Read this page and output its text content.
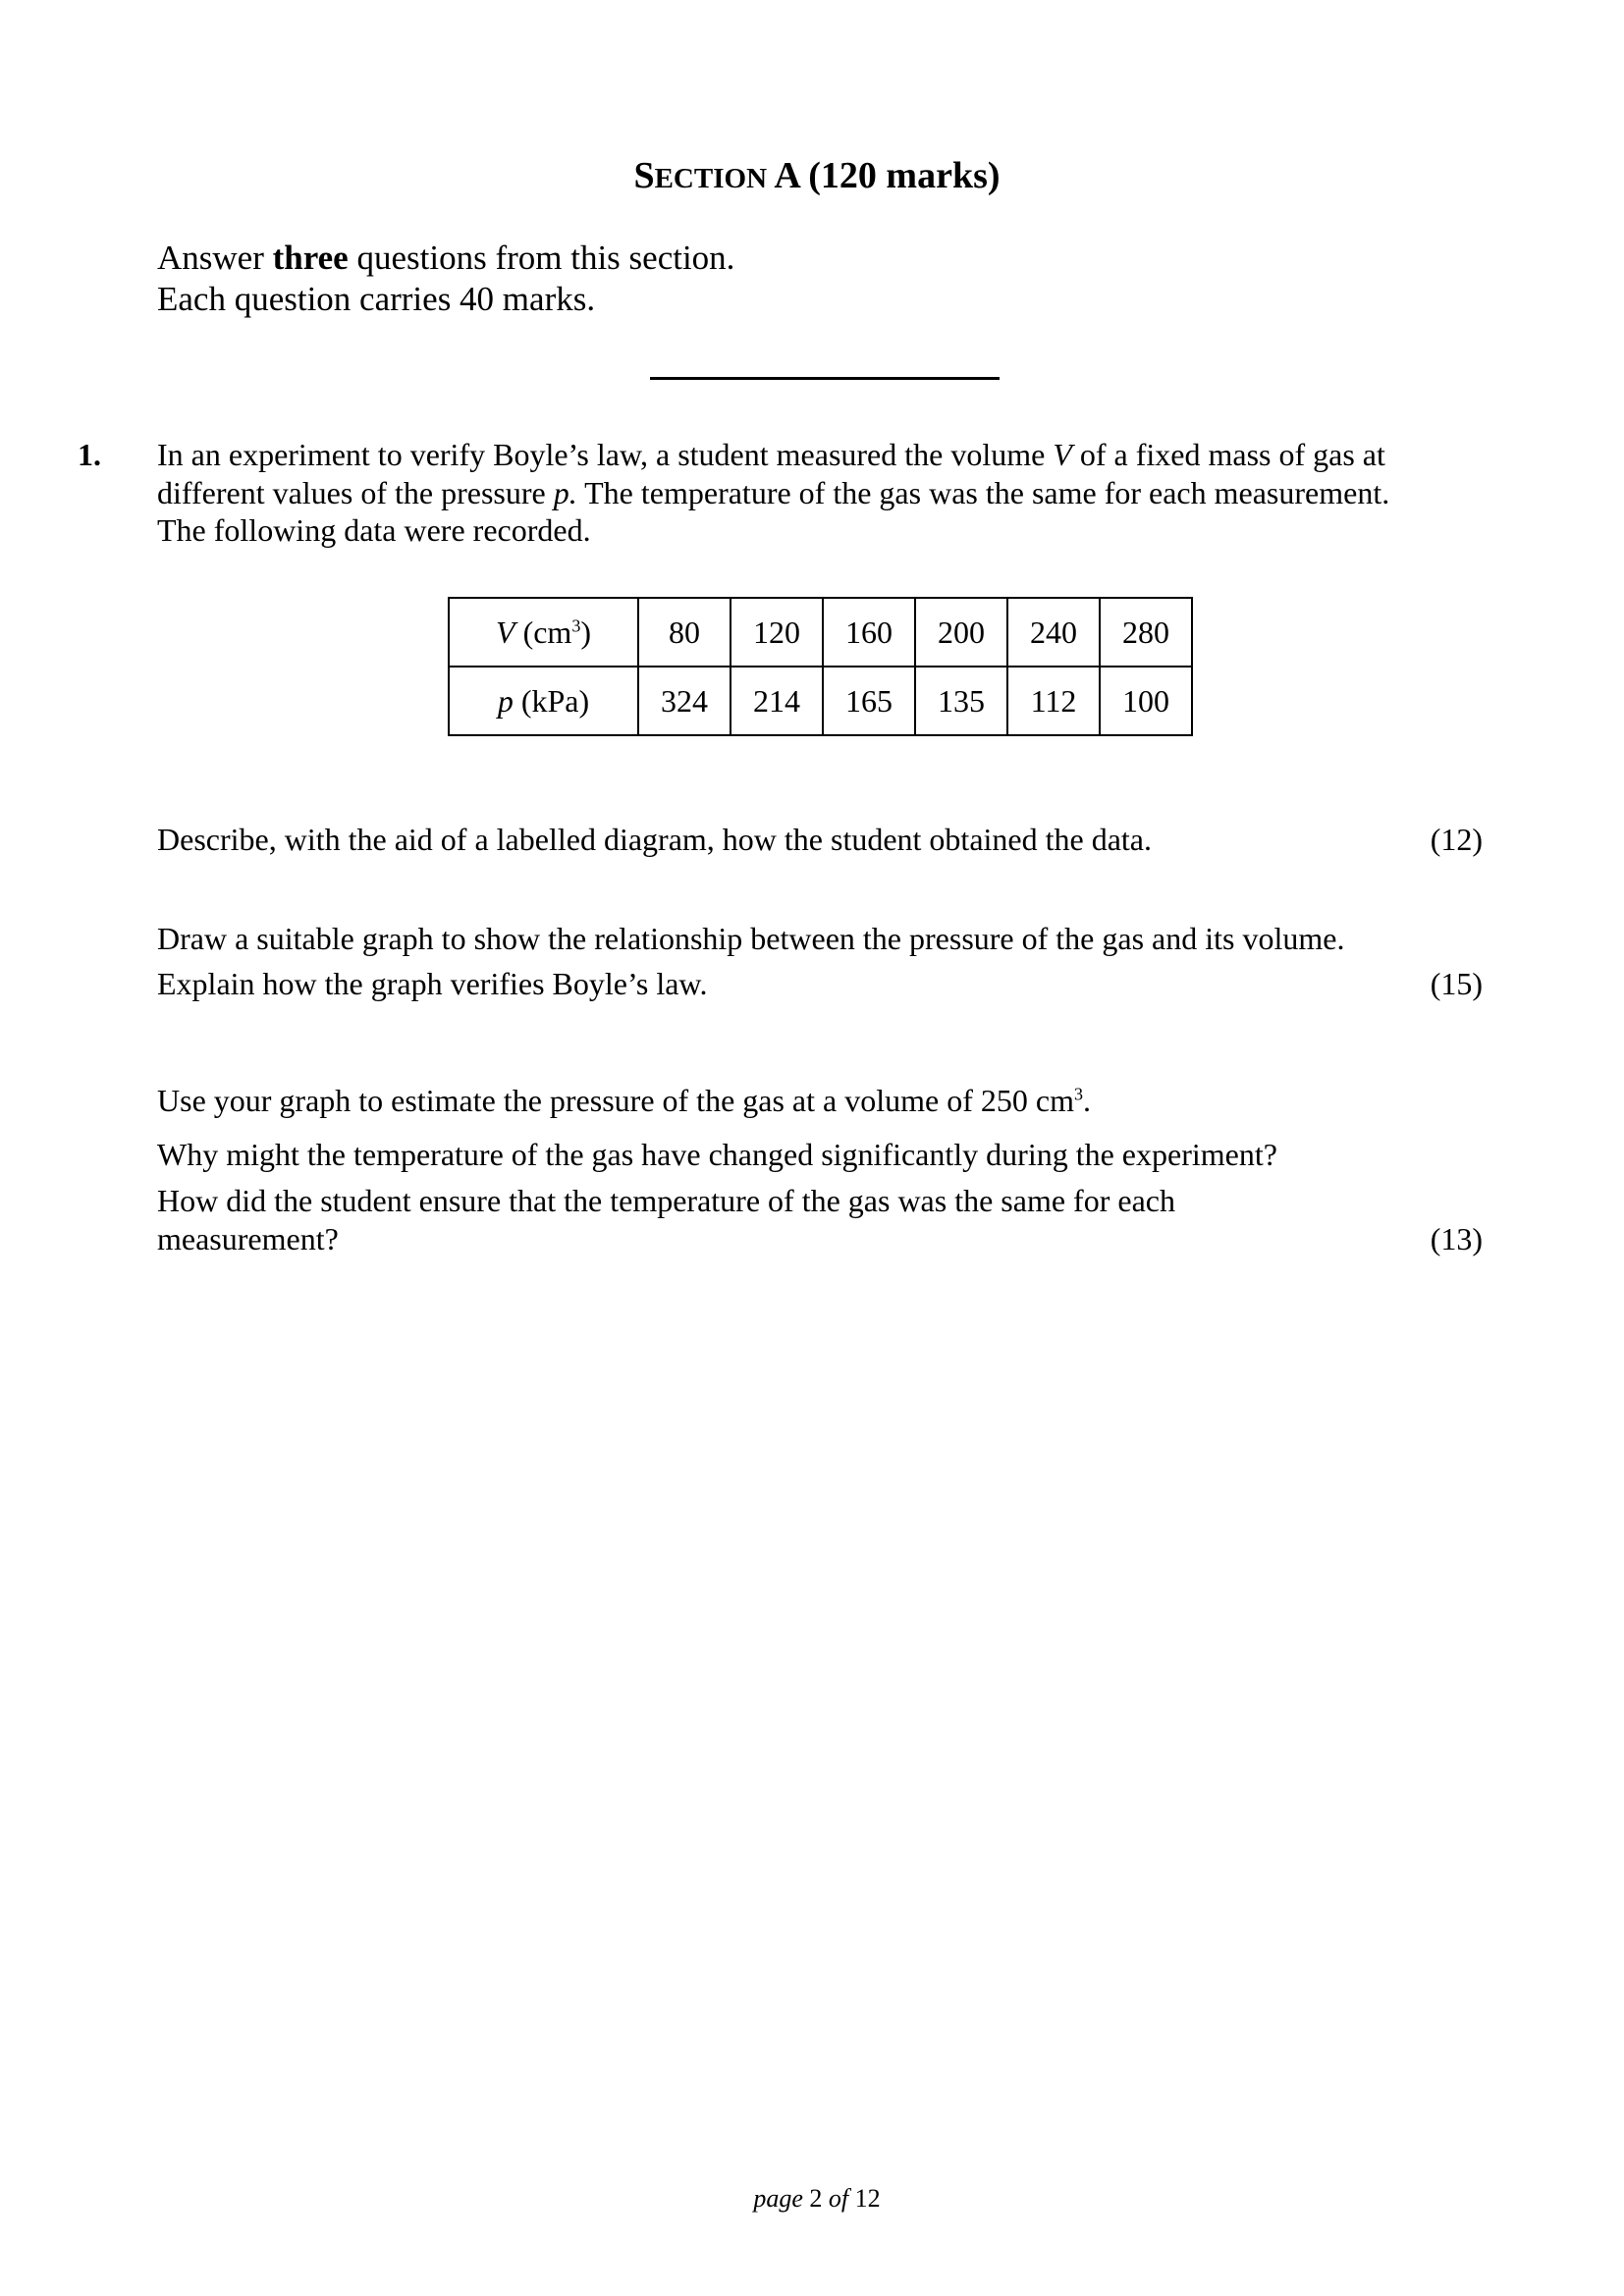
SECTION A (120 marks)

Answer three questions from this section.

Each question carries 40 marks.

1. In an experiment to verify Boyle’s law, a student measured the volume V of a fixed mass of gas at

different values of the pressure p. The temperature of the gas was the same for each measurement.

The following data were recorded.

V $(cm^3)$	80	120	160	200	240	280
p (kPa)	324	214	165	135	112	100

Describe, with the aid of a labelled diagram, how the student obtained the data.	(12)

Draw a suitable graph to show the relationship between the pressure of the gas and its volume.

Explain how the graph verifies Boyle’s law.	(15)

Use your graph to estimate the pressure of the gas at a volume of 250 $cm^3$.

Why might the temperature of the gas have changed significantly during the experiment?

How did the student ensure that the temperature of the gas was the same for each

measurement?	(13)
page 2 of 12
